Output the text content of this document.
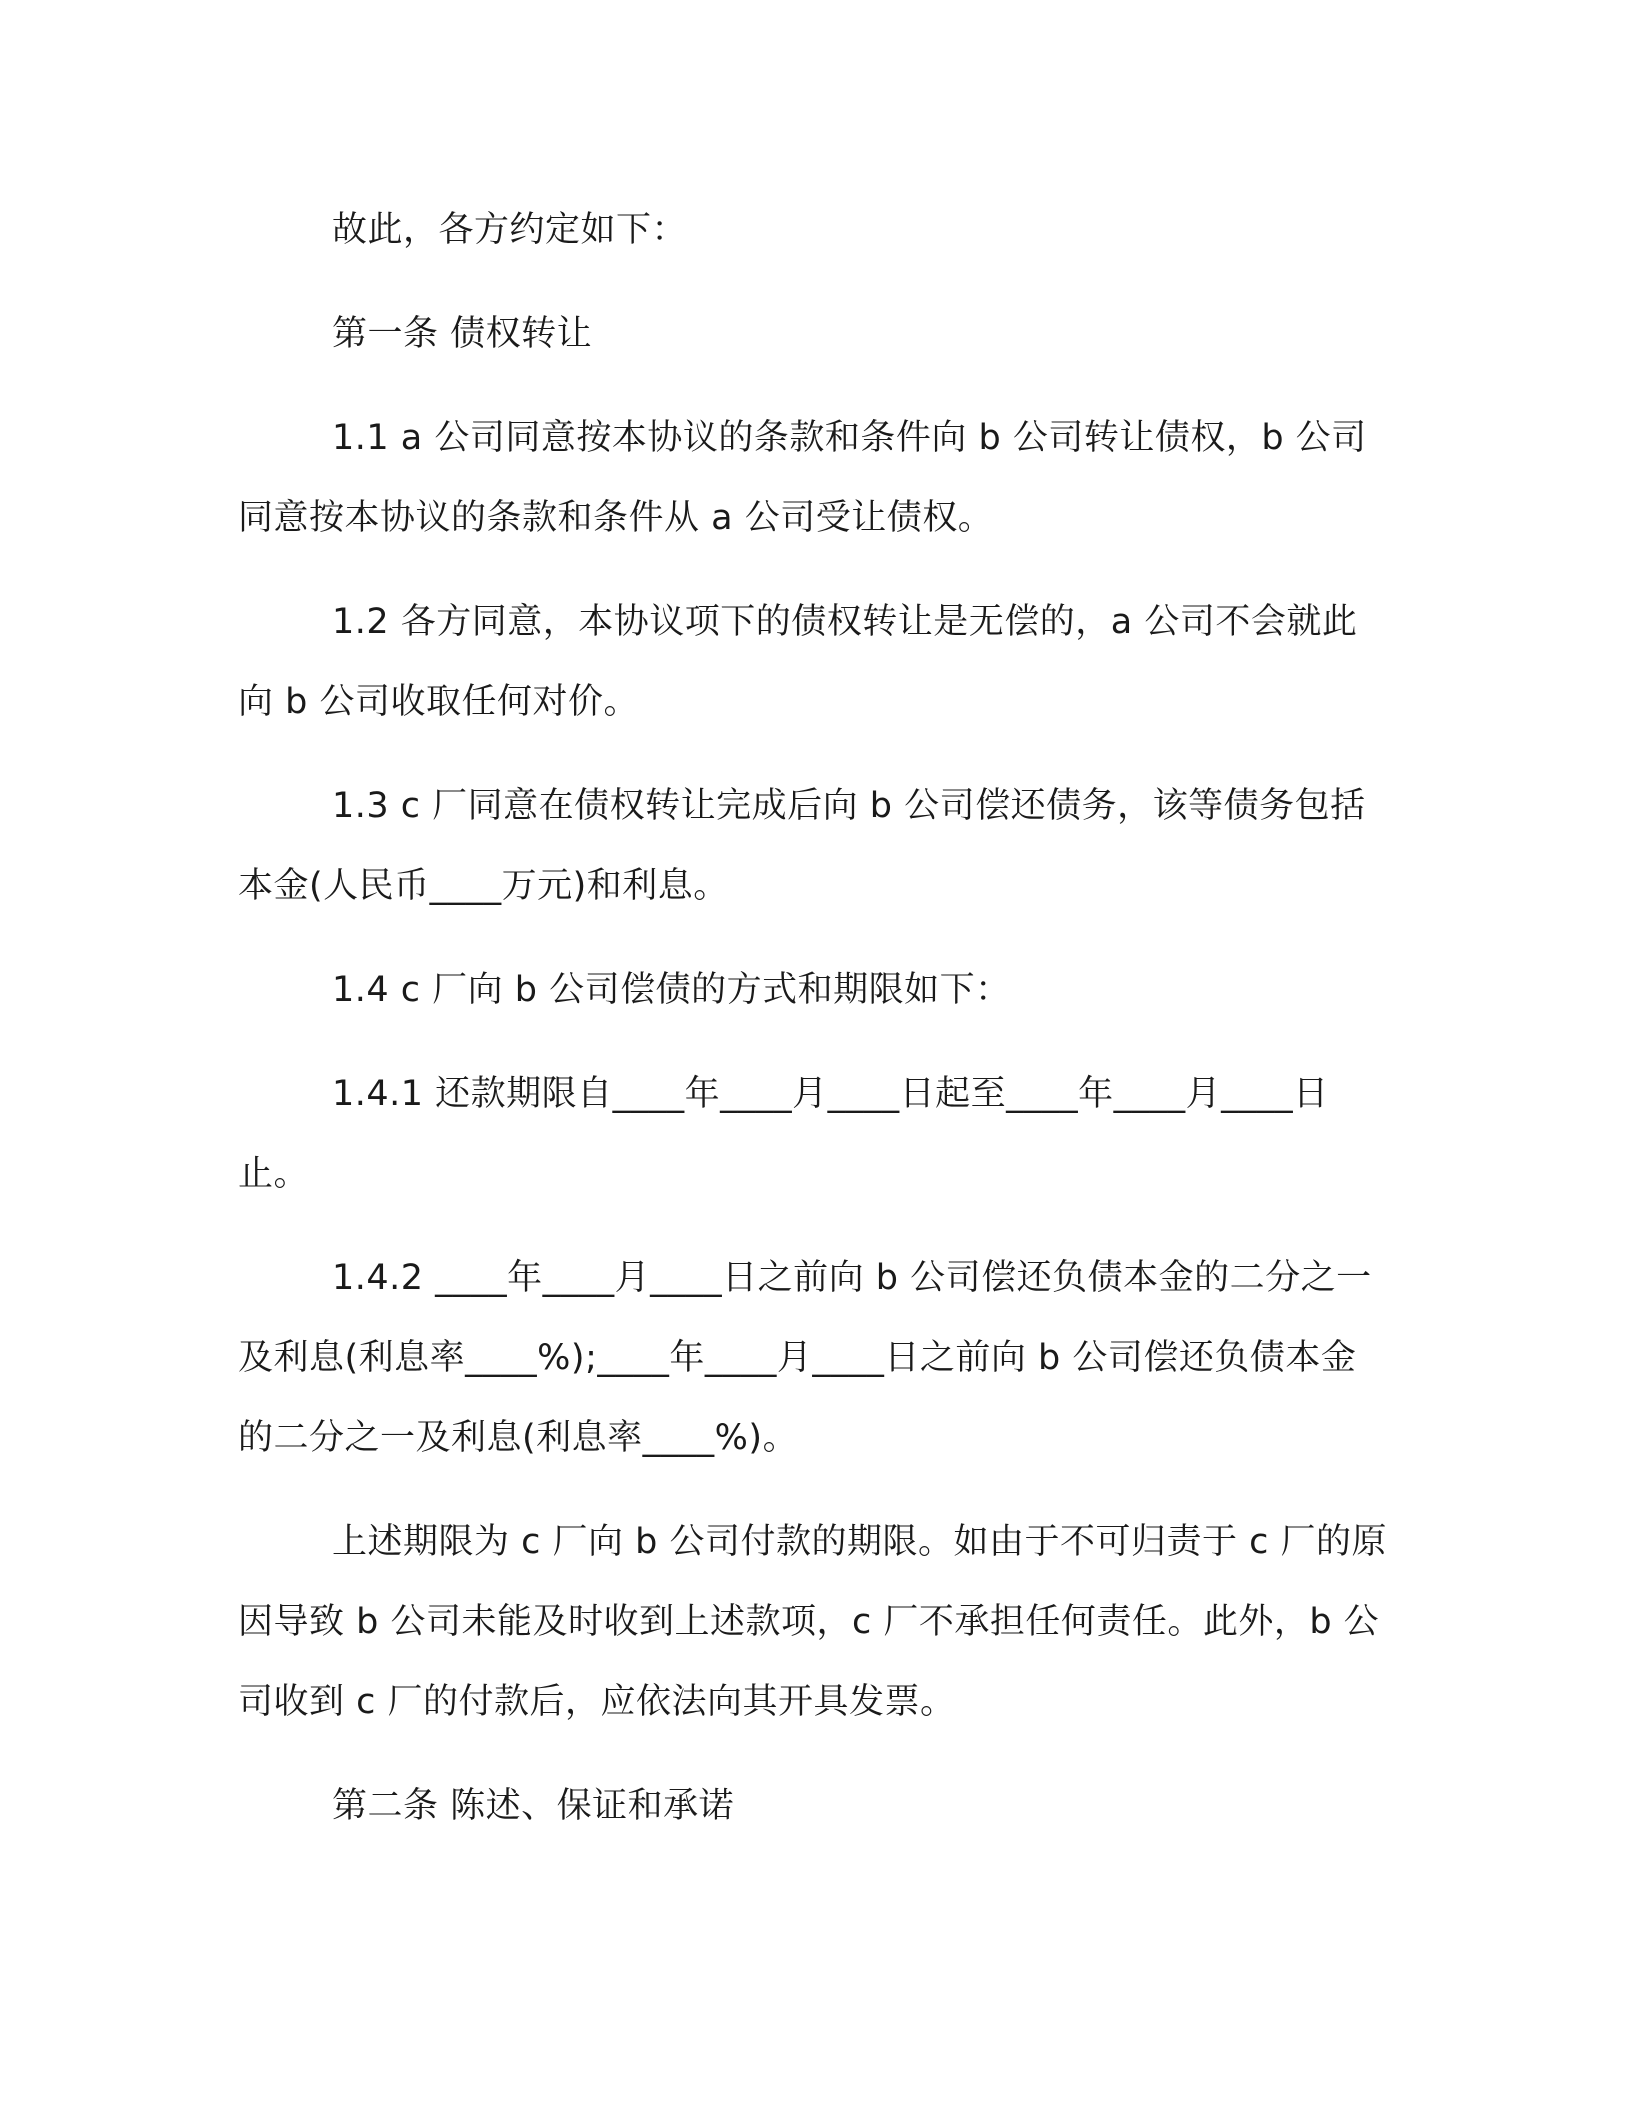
故此，各方约定如下：

第一条 债权转让

1.1 a 公司同意按本协议的条款和条件向 b 公司转让债权，b 公司同意按本协议的条款和条件从 a 公司受让债权。

1.2 各方同意，本协议项下的债权转让是无偿的，a 公司不会就此向 b 公司收取任何对价。

1.3 c 厂同意在债权转让完成后向 b 公司偿还债务，该等债务包括本金(人民币____万元)和利息。

1.4 c 厂向 b 公司偿债的方式和期限如下：

1.4.1 还款期限自____年____月____日起至____年____月____日止。

1.4.2 ____年____月____日之前向 b 公司偿还负债本金的二分之一及利息(利息率____%);____年____月____日之前向 b 公司偿还负债本金的二分之一及利息(利息率____%)。

上述期限为 c 厂向 b 公司付款的期限。如由于不可归责于 c 厂的原因导致 b 公司未能及时收到上述款项，c 厂不承担任何责任。此外，b 公司收到 c 厂的付款后，应依法向其开具发票。

第二条 陈述、保证和承诺
